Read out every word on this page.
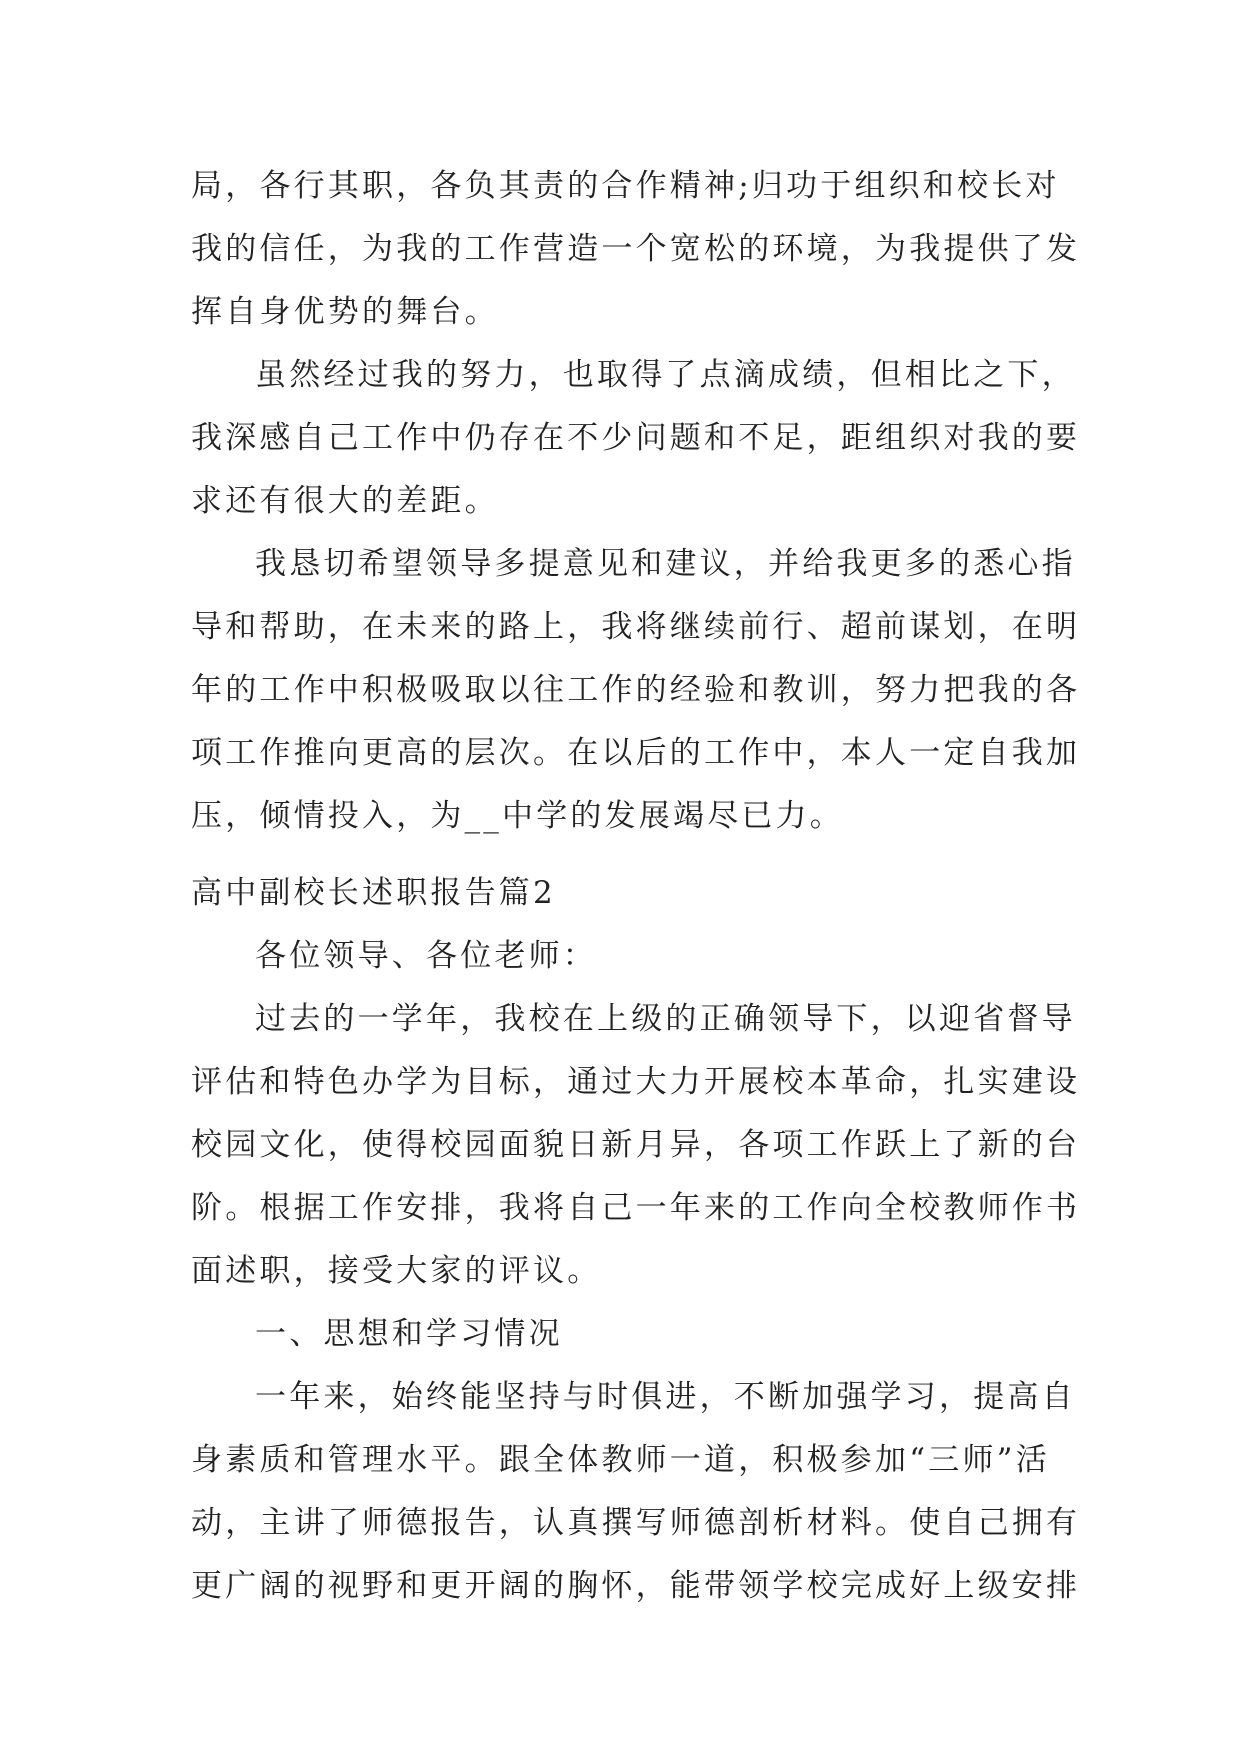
局，各行其职，各负其责的合作精神;归功于组织和校长对
我的信任，为我的工作营造一个宽松的环境，为我提供了发
挥自身优势的舞台。
虽然经过我的努力，也取得了点滴成绩，但相比之下，
我深感自己工作中仍存在不少问题和不足，距组织对我的要
求还有很大的差距。
我恳切希望领导多提意见和建议，并给我更多的悉心指
导和帮助，在未来的路上，我将继续前行、超前谋划，在明
年的工作中积极吸取以往工作的经验和教训，努力把我的各
项工作推向更高的层次。在以后的工作中，本人一定自我加
压，倾情投入，为__中学的发展竭尽已力。
高中副校长述职报告篇2
各位领导、各位老师：
过去的一学年，我校在上级的正确领导下，以迎省督导
评估和特色办学为目标，通过大力开展校本革命，扎实建设
校园文化，使得校园面貌日新月异，各项工作跃上了新的台
阶。根据工作安排，我将自己一年来的工作向全校教师作书
面述职，接受大家的评议。
一、思想和学习情况
一年来，始终能坚持与时俱进，不断加强学习，提高自
身素质和管理水平。跟全体教师一道，积极参加“三师”活
动，主讲了师德报告，认真撰写师德剖析材料。使自己拥有
更广阔的视野和更开阔的胸怀，能带领学校完成好上级安排
